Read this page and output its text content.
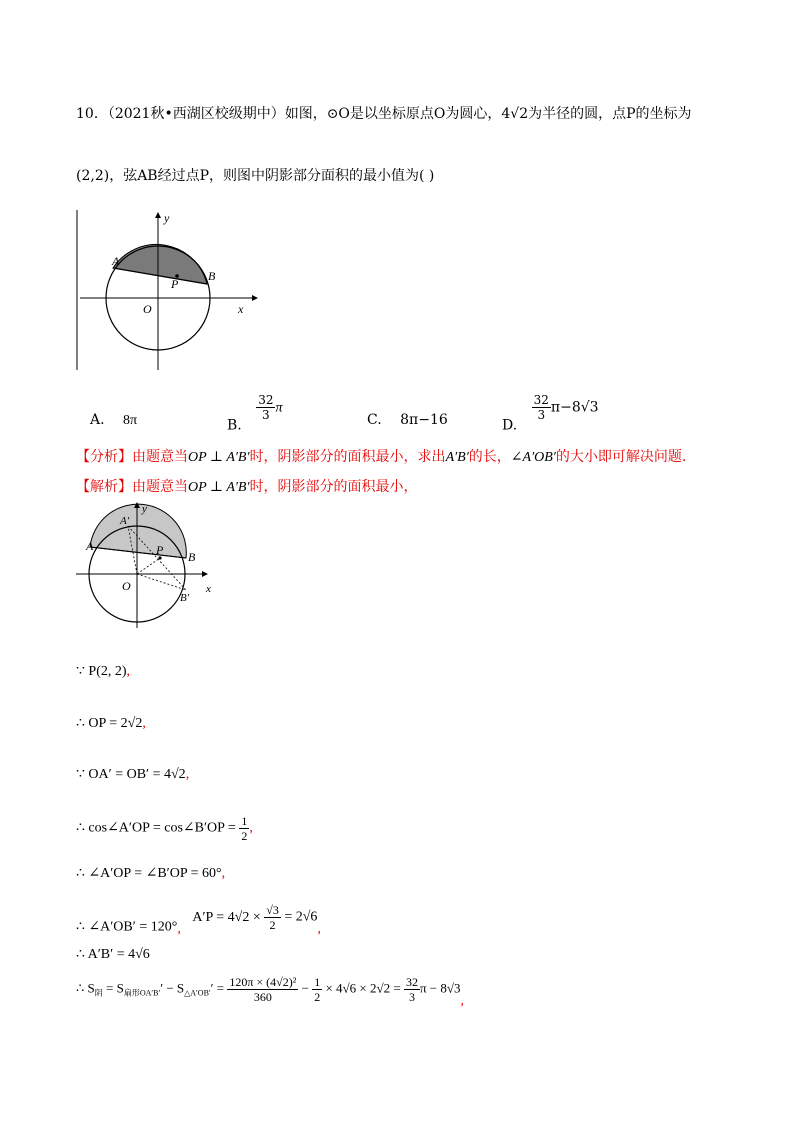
10．（2021秋•西湖区校级期中）如图，⊙O是以坐标原点O为圆心，4√2为半径的圆，点P的坐标为
(2,2)，弦AB经过点P，则图中阴影部分面积的最小值为( )
y
x
A
B
P
O
A. 8π	B.
$\frac{32}{3}$ π
C. 8π−16	D.
$\frac{32}{3} \pi-8√3$
【分析】由题意当OP ⊥ A′B′时，阴影部分的面积最小，求出A′B′的长，∠A′OB′的大小即可解决问题.
【解析】由题意当OP ⊥ A′B′时，阴影部分的面积最小，
y
x
A′
A
B
B′
P
O
∵ P(2, 2),
∴ OP = 2√2,
∵ OA′ = OB′ = 4√2,
∴ cos∠A′OP = cos∠B′OP = $\frac{1}{2}$ ,
∴ ∠A′OP = ∠B′OP = 60°,
∴ ∠A′OB′ = 120°, $A'P = 4√2 \times \frac{√3}{2} = 2√6$,
∴ A′B′ = 4√6
∴ $S_阴 = S_{扇形OA'B'}' - S_{\triangle A'OB'}' = \frac{\text{120π × (4√2)²}}{360} - \frac{1}{2} \times 4√6 \times 2√2 = \frac{32}{3}$ π − 8√3,
